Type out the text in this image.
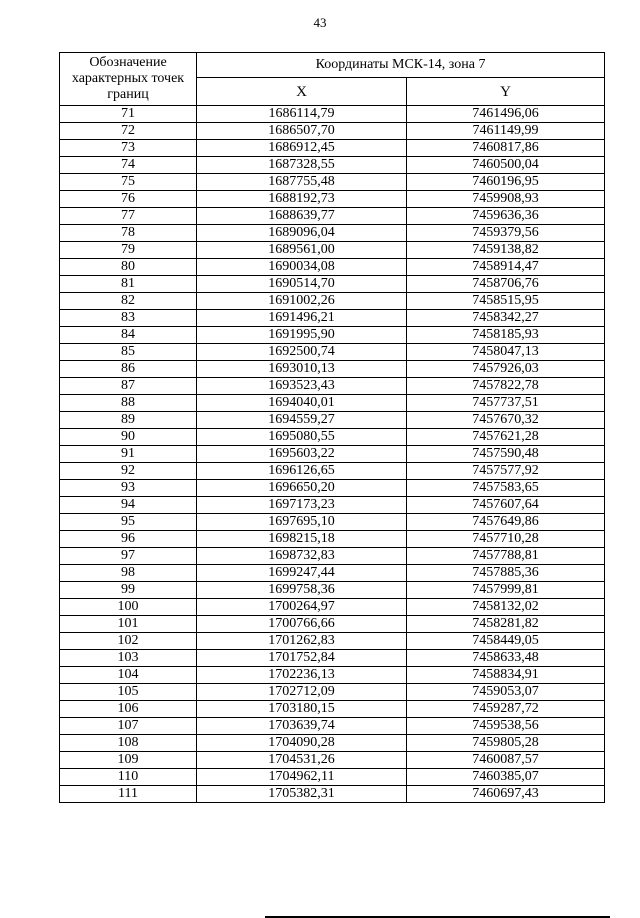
43
Обозначение характерных точек границ	Координаты МСК-14, зона 7	
	X	Y
71	1686114,79	7461496,06
72	1686507,70	7461149,99
73	1686912,45	7460817,86
74	1687328,55	7460500,04
75	1687755,48	7460196,95
76	1688192,73	7459908,93
77	1688639,77	7459636,36
78	1689096,04	7459379,56
79	1689561,00	7459138,82
80	1690034,08	7458914,47
81	1690514,70	7458706,76
82	1691002,26	7458515,95
83	1691496,21	7458342,27
84	1691995,90	7458185,93
85	1692500,74	7458047,13
86	1693010,13	7457926,03
87	1693523,43	7457822,78
88	1694040,01	7457737,51
89	1694559,27	7457670,32
90	1695080,55	7457621,28
91	1695603,22	7457590,48
92	1696126,65	7457577,92
93	1696650,20	7457583,65
94	1697173,23	7457607,64
95	1697695,10	7457649,86
96	1698215,18	7457710,28
97	1698732,83	7457788,81
98	1699247,44	7457885,36
99	1699758,36	7457999,81
100	1700264,97	7458132,02
101	1700766,66	7458281,82
102	1701262,83	7458449,05
103	1701752,84	7458633,48
104	1702236,13	7458834,91
105	1702712,09	7459053,07
106	1703180,15	7459287,72
107	1703639,74	7459538,56
108	1704090,28	7459805,28
109	1704531,26	7460087,57
110	1704962,11	7460385,07
111	1705382,31	7460697,43
